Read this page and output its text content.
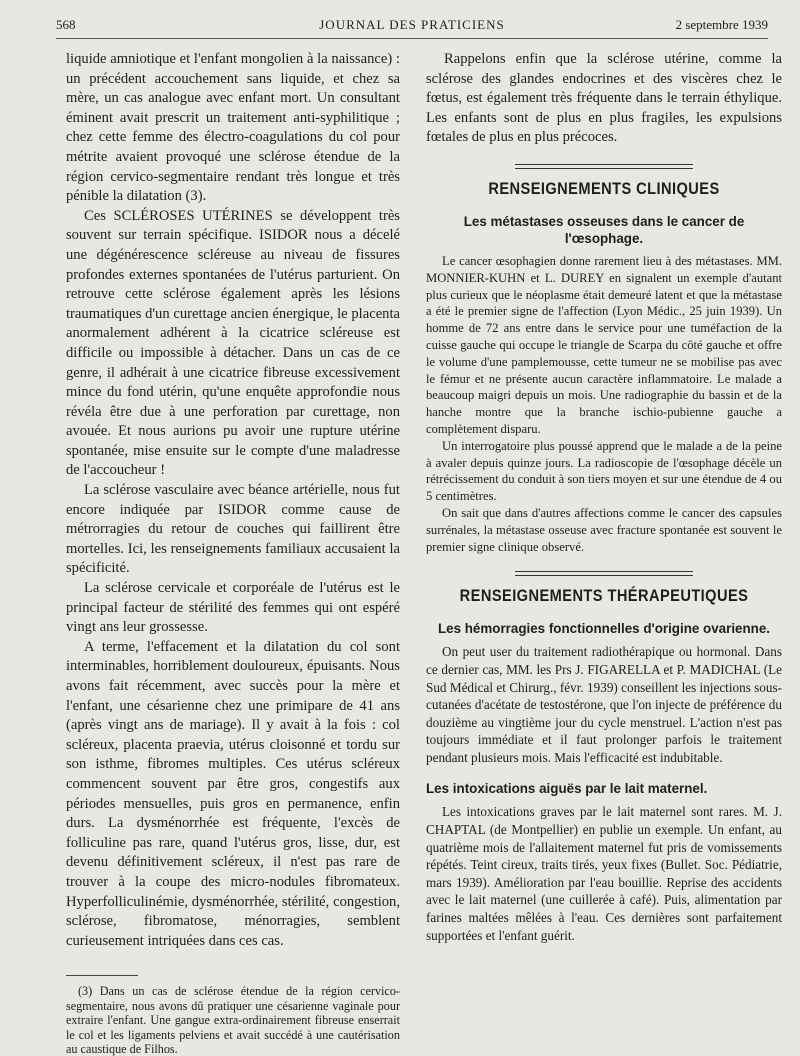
568	JOURNAL DES PRATICIENS	2 septembre 1939

liquide amniotique et l'enfant mongolien à la naissance) : un précédent accouchement sans liquide, et chez sa mère, un cas analogue avec enfant mort. Un consultant éminent avait prescrit un traitement anti-syphilitique ; chez cette femme des électro-coagulations du col pour métrite avaient provoqué une sclérose étendue de la région cervico-segmentaire rendant très longue et très pénible la dilatation (3).

Ces SCLÉROSES UTÉRINES se développent très souvent sur terrain spécifique. ISIDOR nous a décelé une dégénérescence scléreuse au niveau de fissures profondes externes spontanées de l'utérus parturient. On retrouve cette sclérose également après les lésions traumatiques d'un curettage ancien énergique, le placenta anormalement adhérent à la cicatrice scléreuse est difficile ou impossible à détacher. Dans un cas de ce genre, il adhérait à une cicatrice fibreuse excessivement mince du fond utérin, qu'une enquête approfondie nous révéla être due à une perforation par curettage, non avouée. Et nous aurions pu avoir une rupture utérine spontanée, mise ensuite sur le compte d'une maladresse de l'accoucheur !

La sclérose vasculaire avec béance artérielle, nous fut encore indiquée par ISIDOR comme cause de métrorragies du retour de couches qui faillirent être mortelles. Ici, les renseignements familiaux accusaient la spécificité.

La sclérose cervicale et corporéale de l'utérus est le principal facteur de stérilité des femmes qui ont espéré vingt ans leur grossesse.

A terme, l'effacement et la dilatation du col sont interminables, horriblement douloureux, épuisants. Nous avons fait récemment, avec succès pour la mère et l'enfant, une césarienne chez une primipare de 41 ans (après vingt ans de mariage). Il y avait à la fois : col scléreux, placenta praevia, utérus cloisonné et tordu sur son isthme, fibromes multiples. Ces utérus scléreux commencent souvent par être gros, congestifs aux périodes mensuelles, puis gros en permanence, enfin durs. La dysménorrhée est fréquente, l'excès de folliculine pas rare, quand l'utérus gros, lisse, dur, est devenu définitivement scléreux, il n'est pas rare de trouver à la coupe des micro-nodules fibromateux. Hyperfolliculinémie, dysménorrhée, stérilité, congestion, sclérose, fibromatose, ménorragies, semblent curieusement intriquées dans ces cas.

(3) Dans un cas de sclérose étendue de la région cervico-segmentaire, nous avons dû pratiquer une césarienne vaginale pour extraire l'enfant. Une gangue extra-ordinairement fibreuse enserrait le col et les ligaments pelviens et avait succédé à une cautérisation au caustique de Filhos.

Rappelons enfin que la sclérose utérine, comme la sclérose des glandes endocrines et des viscères chez le fœtus, est également très fréquente dans le terrain éthylique. Les enfants sont de plus en plus fragiles, les expulsions fœtales de plus en plus précoces.

RENSEIGNEMENTS CLINIQUES
Les métastases osseuses dans le cancer de l'œsophage.

Le cancer œsophagien donne rarement lieu à des métastases. MM. MONNIER-KUHN et L. DUREY en signalent un exemple d'autant plus curieux que le néoplasme était demeuré latent et que la métastase a été le premier signe de l'affection (Lyon Médic., 25 juin 1939). Un homme de 72 ans entre dans le service pour une tuméfaction de la cuisse gauche qui occupe le triangle de Scarpa du côté gauche et offre le volume d'une pamplemousse, cette tumeur ne se mobilise pas avec le fémur et ne présente aucun caractère inflammatoire. Le malade a beaucoup maigri depuis un mois. Une radiographie du bassin et de la hanche montre que la branche ischio-pubienne gauche a complètement disparu.

Un interrogatoire plus poussé apprend que le malade a de la peine à avaler depuis quinze jours. La radioscopie de l'œsophage décèle un rétrécissement du conduit à son tiers moyen et sur une étendue de 4 ou 5 centimètres.

On sait que dans d'autres affections comme le cancer des capsules surrénales, la métastase osseuse avec fracture spontanée est souvent le premier signe clinique observé.

RENSEIGNEMENTS THÉRAPEUTIQUES
Les hémorragies fonctionnelles d'origine ovarienne.

On peut user du traitement radiothérapique ou hormonal. Dans ce dernier cas, MM. les Prs J. FIGARELLA et P. MADICHAL (Le Sud Médical et Chirurg., févr. 1939) conseillent les injections sous-cutanées d'acétate de testostérone, que l'on injecte de préférence du douzième au vingtième jour du cycle menstruel. L'action n'est pas toujours immédiate et il faut prolonger parfois le traitement pendant plusieurs mois. Mais l'efficacité est indubitable.

Les intoxications aiguës par le lait maternel.

Les intoxications graves par le lait maternel sont rares. M. J. CHAPTAL (de Montpellier) en publie un exemple. Un enfant, au quatrième mois de l'allaitement maternel fut pris de vomissements répétés. Teint cireux, traits tirés, yeux fixes (Bullet. Soc. Pédiatrie, mars 1939). Amélioration par l'eau bouillie. Reprise des accidents avec le lait maternel (une cuillerée à café). Puis, alimentation par farines maltées mêlées à l'eau. Ces dernières sont parfaitement supportées et l'enfant guérit.
